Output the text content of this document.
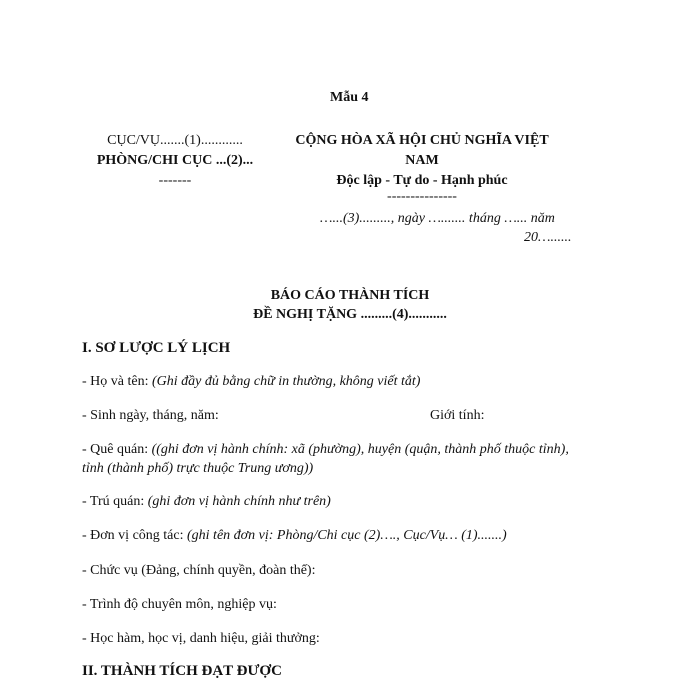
Mẫu 4
CỤC/VỤ.......(1)............
PHÒNG/CHI CỤC ...(2)...
-------
CỘNG HÒA XÃ HỘI CHỦ NGHĨA VIỆT
NAM
Độc lập - Tự do - Hạnh phúc
---------------
…...(3)........., ngày …....... tháng …... năm
20…......
BÁO CÁO THÀNH TÍCH
ĐỀ NGHỊ TẶNG .........(4)...........
I. SƠ LƯỢC LÝ LỊCH
- Họ và tên: (Ghi đầy đủ bằng chữ in thường, không viết tắt)
- Sinh ngày, tháng, năm:	Giới tính:
- Quê quán: ((ghi đơn vị hành chính: xã (phường), huyện (quận, thành phố thuộc tỉnh),
tỉnh (thành phố) trực thuộc Trung ương))
- Trú quán: (ghi đơn vị hành chính như trên)
- Đơn vị công tác: (ghi tên đơn vị: Phòng/Chi cục (2)…., Cục/Vụ… (1).......)
- Chức vụ (Đảng, chính quyền, đoàn thể):
- Trình độ chuyên môn, nghiệp vụ:
- Học hàm, học vị, danh hiệu, giải thưởng:
II. THÀNH TÍCH ĐẠT ĐƯỢC
